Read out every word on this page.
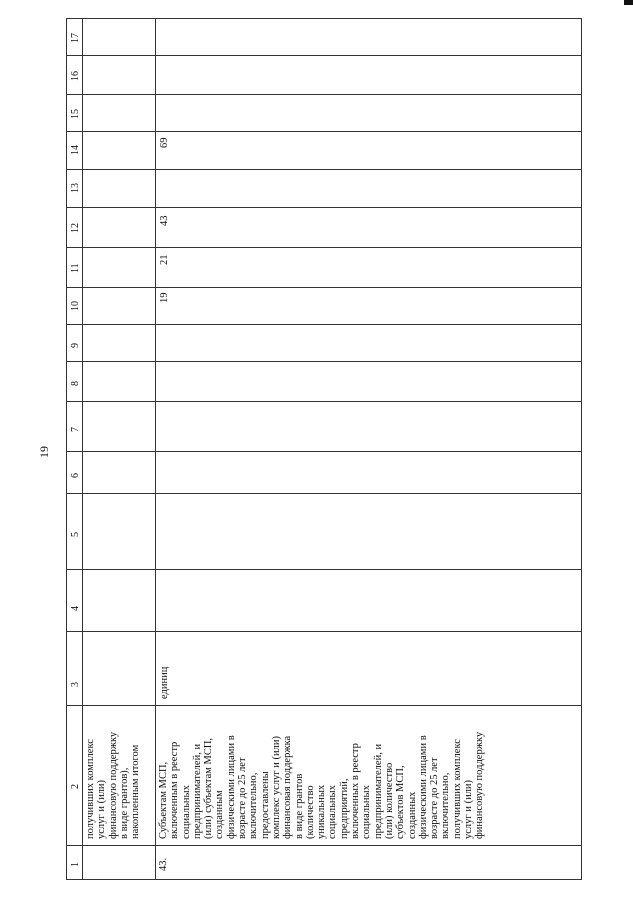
19
1
2
3
4
5
6
7
8
9
10
11
12
13
14
15
16
17
получивших комплекс услуг и (или) финансовую поддержку в виде грантов), накопленным итогом
43.
Субъектам МСП, включенным в реестр социальных предпринимателей, и (или) субъектам МСП, созданным физическими лицами в возрасте до 25 лет включительно, предоставлены комплекс услуг и (или) финансовая поддержка в виде грантов (количество уникальных социальных предприятий, включенных в реестр социальных предпринимателей, и (или) количество субъектов МСП, созданных физическими лицами в возрасте до 25 лет включительно, получивших комплекс услуг и (или) финансовую поддержку
единиц
19
21
43
69
